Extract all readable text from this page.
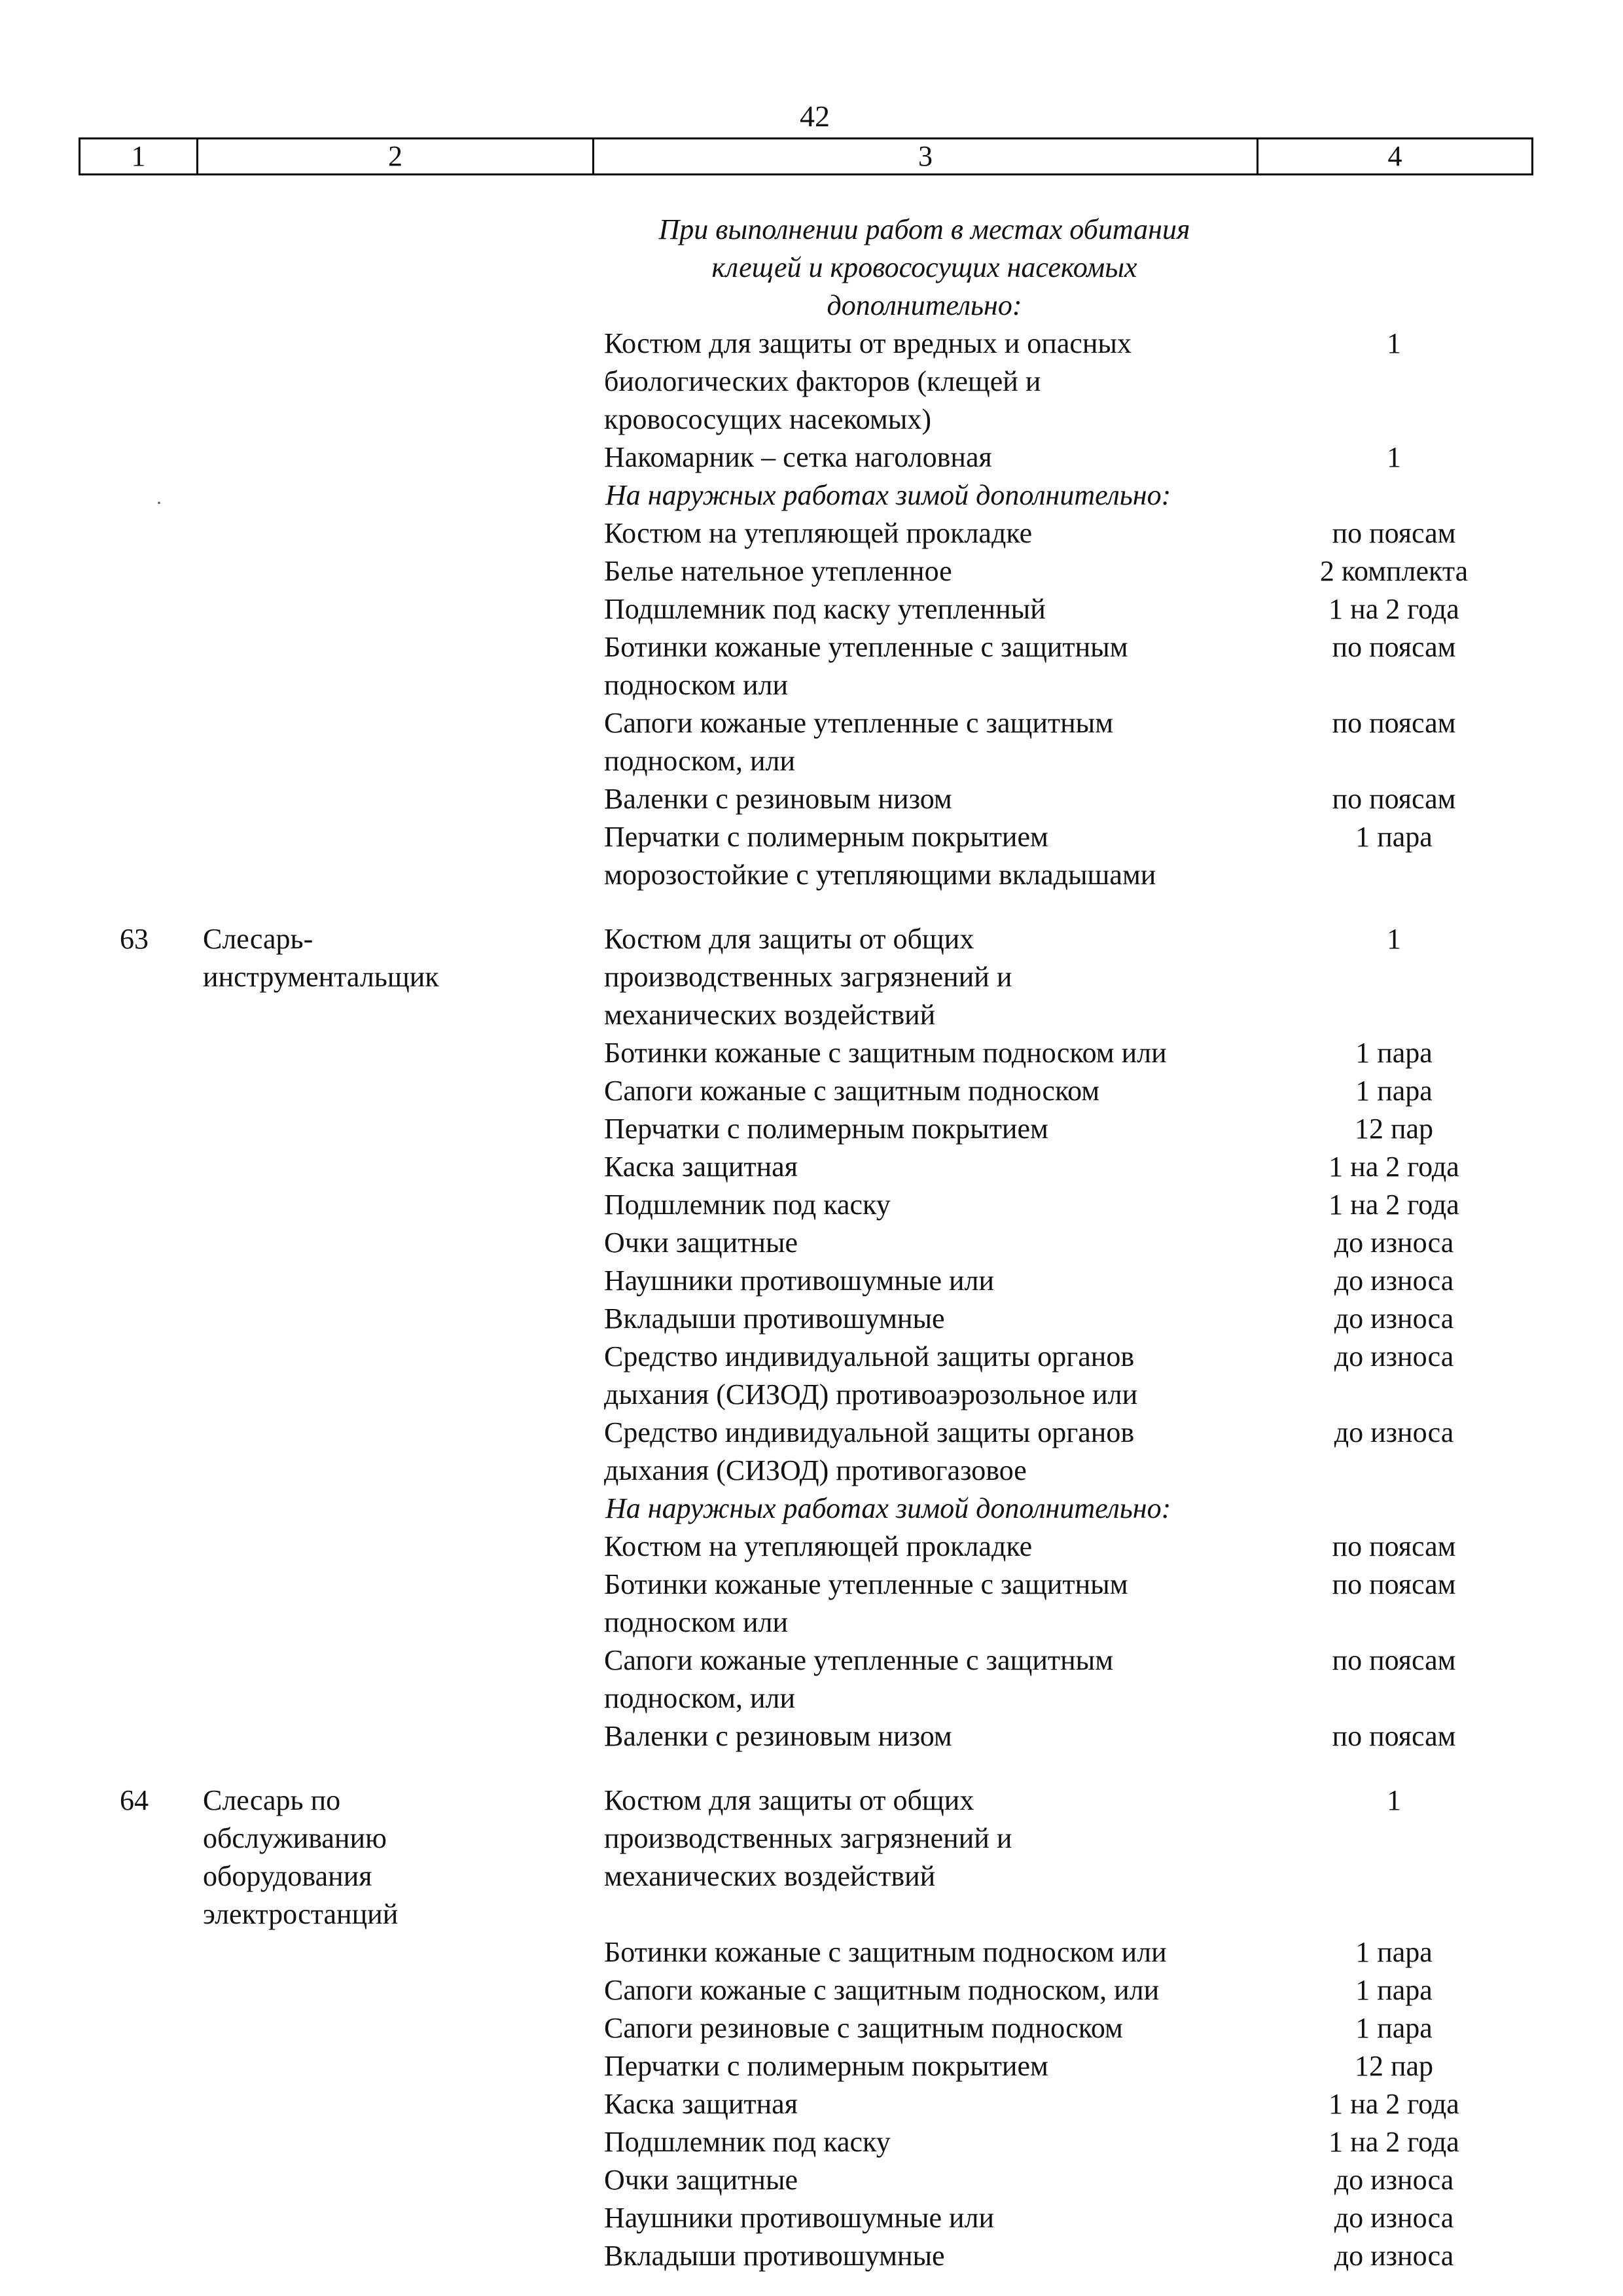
42
1	2	3	4
·
		При выполнении работ в местах обитания
клещей и кровососущих насекомых
дополнительно:	
		Костюм для защиты от вредных и опасных
биологических факторов (клещей и
кровососущих насекомых)	1
		Накомарник – сетка наголовная	1
		На наружных работах зимой дополнительно:	
		Костюм на утепляющей прокладке	по поясам
		Белье нательное утепленное	2 комплекта
		Подшлемник под каску утепленный	1 на 2 года
		Ботинки кожаные утепленные с защитным
подноском или	по поясам
		Сапоги кожаные утепленные с защитным
подноском, или	по поясам
		Валенки с резиновым низом	по поясам
		Перчатки с полимерным покрытием
морозостойкие с утепляющими вкладышами	1 пара

63	Слесарь-
инструментальщик	Костюм для защиты от общих
производственных загрязнений и
механических воздействий	1
		Ботинки кожаные с защитным подноском или	1 пара
		Сапоги кожаные с защитным подноском	1 пара
		Перчатки с полимерным покрытием	12 пар
		Каска защитная	1 на 2 года
		Подшлемник под каску	1 на 2 года
		Очки защитные	до износа
		Наушники противошумные или	до износа
		Вкладыши противошумные	до износа
		Средство индивидуальной защиты органов
дыхания (СИЗОД) противоаэрозольное или	до износа
		Средство индивидуальной защиты органов
дыхания (СИЗОД) противогазовое	до износа
		На наружных работах зимой дополнительно:	
		Костюм на утепляющей прокладке	по поясам
		Ботинки кожаные утепленные с защитным
подноском или	по поясам
		Сапоги кожаные утепленные с защитным
подноском, или	по поясам
		Валенки с резиновым низом	по поясам

64	Слесарь по
обслуживанию
оборудования
электростанций	Костюм для защиты от общих
производственных загрязнений и
механических воздействий	1
		Ботинки кожаные с защитным подноском или	1 пара
		Сапоги кожаные с защитным подноском, или	1 пара
		Сапоги резиновые с защитным подноском	1 пара
		Перчатки с полимерным покрытием	12 пар
		Каска защитная	1 на 2 года
		Подшлемник под каску	1 на 2 года
		Очки защитные	до износа
		Наушники противошумные или	до износа
		Вкладыши противошумные	до износа
